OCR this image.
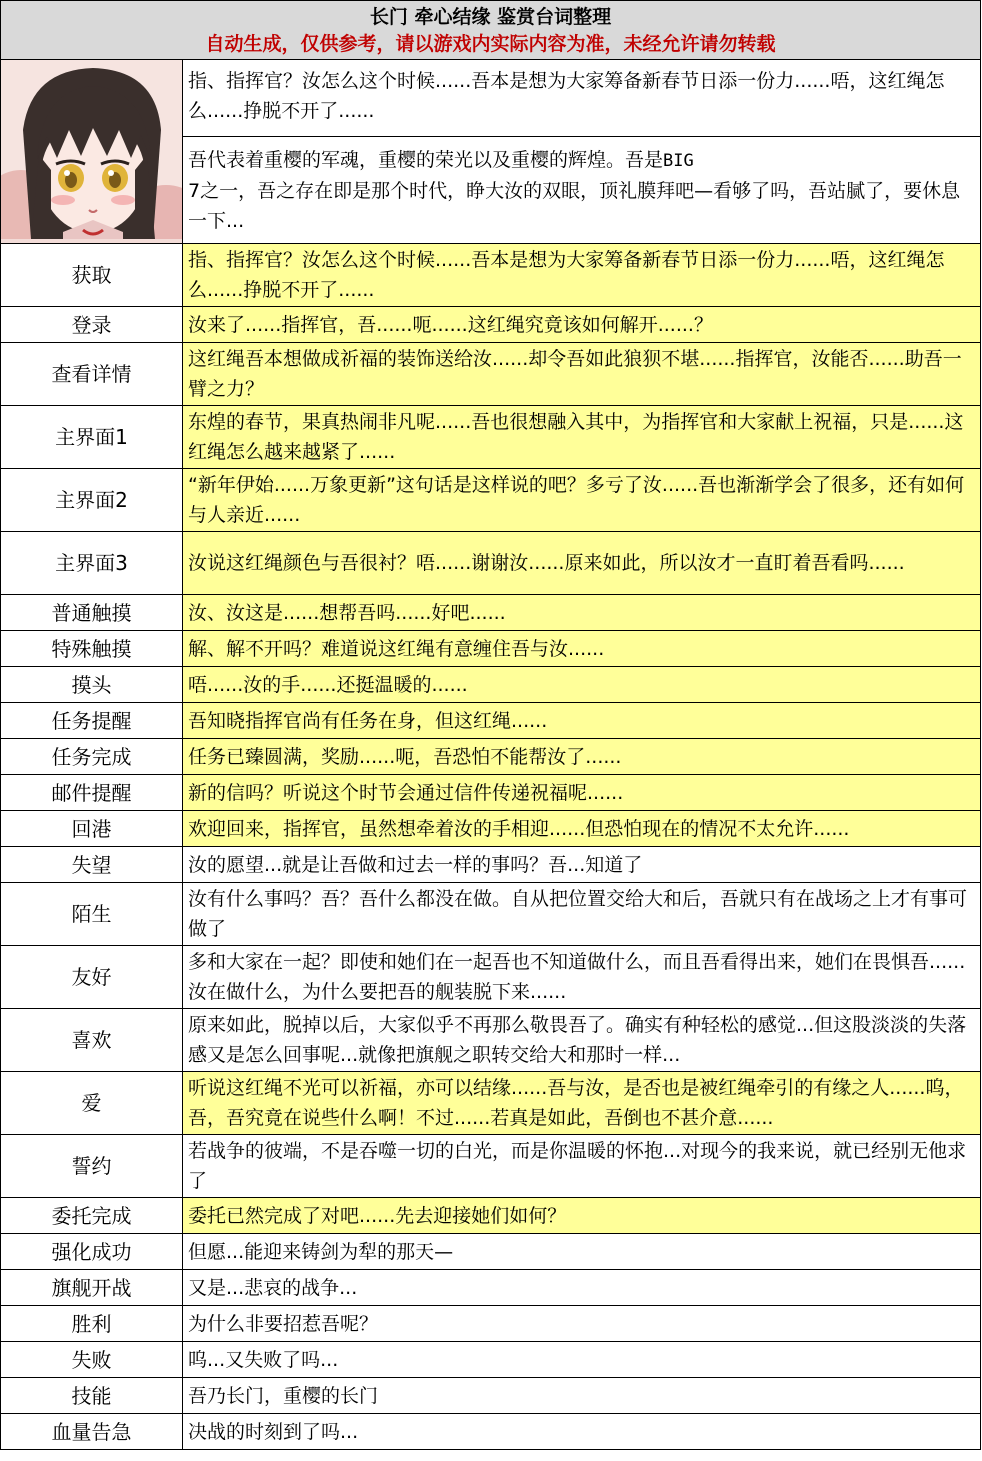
长门 牵心结缘 鉴赏台词整理
自动生成，仅供参考，请以游戏内实际内容为准，未经允许请勿转载	

	指、指挥官？汝怎么这个时候......吾本是想为大家筹备新春节日添一份力......唔，这红绳怎么......挣脱不开了......
	吾代表着重樱的军魂，重樱的荣光以及重樱的辉煌。吾是BIG
7之一，吾之存在即是那个时代，睁大汝的双眼，顶礼膜拜吧—看够了吗，吾站腻了，要休息一下...
获取	指、指挥官？汝怎么这个时候......吾本是想为大家筹备新春节日添一份力......唔，这红绳怎么......挣脱不开了......
登录	汝来了......指挥官，吾......呃......这红绳究竟该如何解开......？
查看详情	这红绳吾本想做成祈福的装饰送给汝......却令吾如此狼狈不堪......指挥官，汝能否......助吾一臂之力？
主界面1	东煌的春节，果真热闹非凡呢......吾也很想融入其中，为指挥官和大家献上祝福，只是......这红绳怎么越来越紧了......
主界面2	“新年伊始......万象更新”这句话是这样说的吧？多亏了汝......吾也渐渐学会了很多，还有如何与人亲近......
主界面3	汝说这红绳颜色与吾很衬？唔......谢谢汝......原来如此，所以汝才一直盯着吾看吗......
普通触摸	汝、汝这是......想帮吾吗......好吧......
特殊触摸	解、解不开吗？难道说这红绳有意缠住吾与汝......
摸头	唔......汝的手......还挺温暖的......
任务提醒	吾知晓指挥官尚有任务在身，但这红绳......
任务完成	任务已臻圆满，奖励......呃，吾恐怕不能帮汝了......
邮件提醒	新的信吗？听说这个时节会通过信件传递祝福呢......
回港	欢迎回来，指挥官，虽然想牵着汝的手相迎......但恐怕现在的情况不太允许......
失望	汝的愿望...就是让吾做和过去一样的事吗？吾...知道了
陌生	汝有什么事吗？吾？吾什么都没在做。自从把位置交给大和后，吾就只有在战场之上才有事可做了
友好	多和大家在一起？即使和她们在一起吾也不知道做什么，而且吾看得出来，她们在畏惧吾......汝在做什么，为什么要把吾的舰装脱下来......
喜欢	原来如此，脱掉以后，大家似乎不再那么敬畏吾了。确实有种轻松的感觉...但这股淡淡的失落感又是怎么回事呢...就像把旗舰之职转交给大和那时一样...
爱	听说这红绳不光可以祈福，亦可以结缘......吾与汝，是否也是被红绳牵引的有缘之人......呜，吾，吾究竟在说些什么啊！不过......若真是如此，吾倒也不甚介意......
誓约	若战争的彼端，不是吞噬一切的白光，而是你温暖的怀抱...对现今的我来说，就已经别无他求了
委托完成	委托已然完成了对吧......先去迎接她们如何？
强化成功	但愿...能迎来铸剑为犁的那天—
旗舰开战	又是...悲哀的战争...
胜利	为什么非要招惹吾呢？
失败	呜...又失败了吗...
技能	吾乃长门，重樱的长门
血量告急	决战的时刻到了吗...
